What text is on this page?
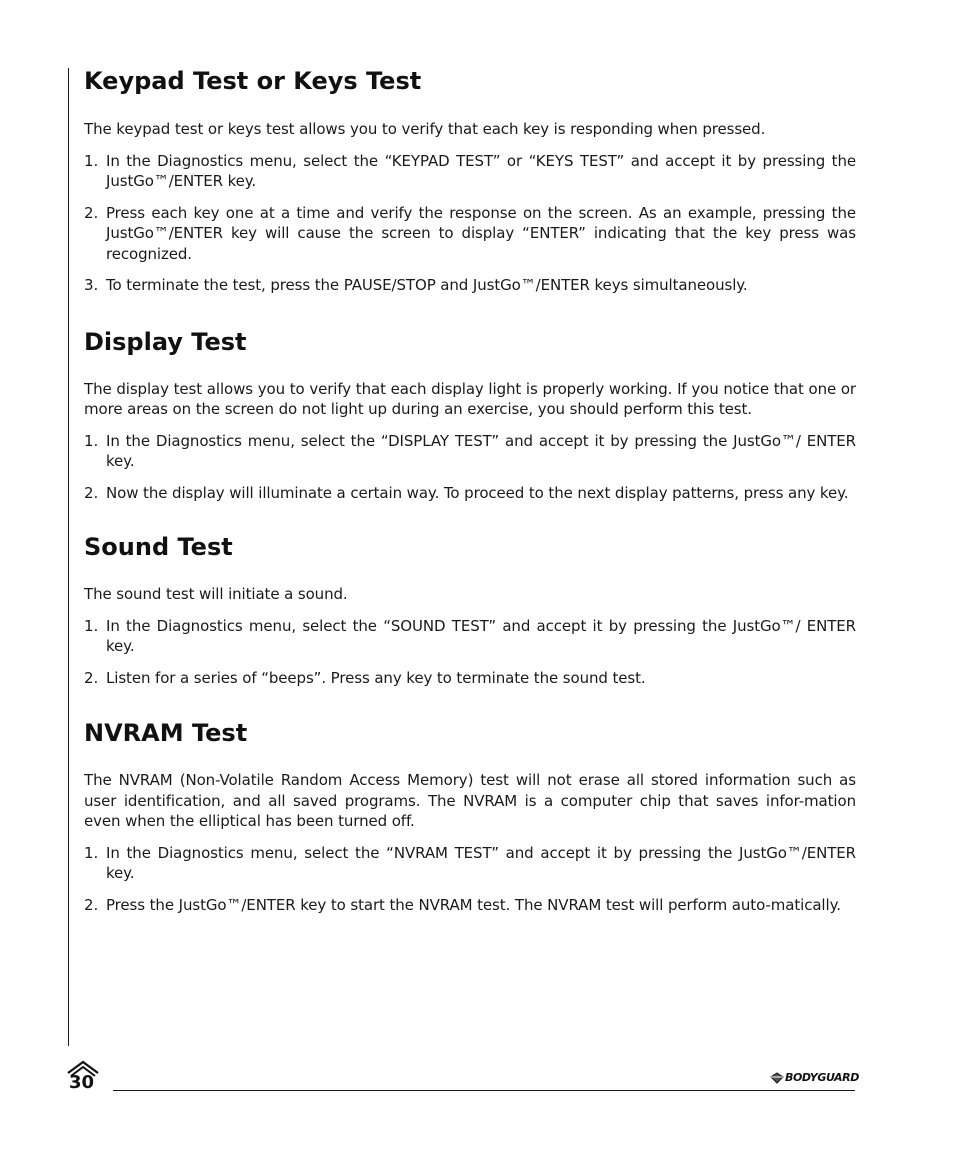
Keypad Test or Keys Test

The keypad test or keys test allows you to verify that each key is responding when pressed.

1. In the Diagnostics menu, select the “KEYPAD TEST” or “KEYS TEST” and accept it by pressing the JustGo™/ENTER key.
2. Press each key one at a time and verify the response on the screen. As an example, pressing the JustGo™/ENTER key will cause the screen to display “ENTER” indicating that the key press was recognized.
3. To terminate the test, press the PAUSE/STOP and JustGo™/ENTER keys simultaneously.
Display Test

The display test allows you to verify that each display light is properly working. If you notice that one or more areas on the screen do not light up during an exercise, you should perform this test.

1. In the Diagnostics menu, select the “DISPLAY TEST” and accept it by pressing the JustGo™/ ENTER key.
2. Now the display will illuminate a certain way. To proceed to the next display patterns, press any key.
Sound Test

The sound test will initiate a sound.

1. In the Diagnostics menu, select the “SOUND TEST” and accept it by pressing the JustGo™/ ENTER key.
2. Listen for a series of “beeps”. Press any key to terminate the sound test.
NVRAM Test

The NVRAM (Non-Volatile Random Access Memory) test will not erase all stored information such as user identification, and all saved programs. The NVRAM is a computer chip that saves infor-mation even when the elliptical has been turned off.

1. In the Diagnostics menu, select the “NVRAM TEST” and accept it by pressing the JustGo™/ENTER key.
2. Press the JustGo™/ENTER key to start the NVRAM test. The NVRAM test will perform auto-matically.
30	BODYGUARD
